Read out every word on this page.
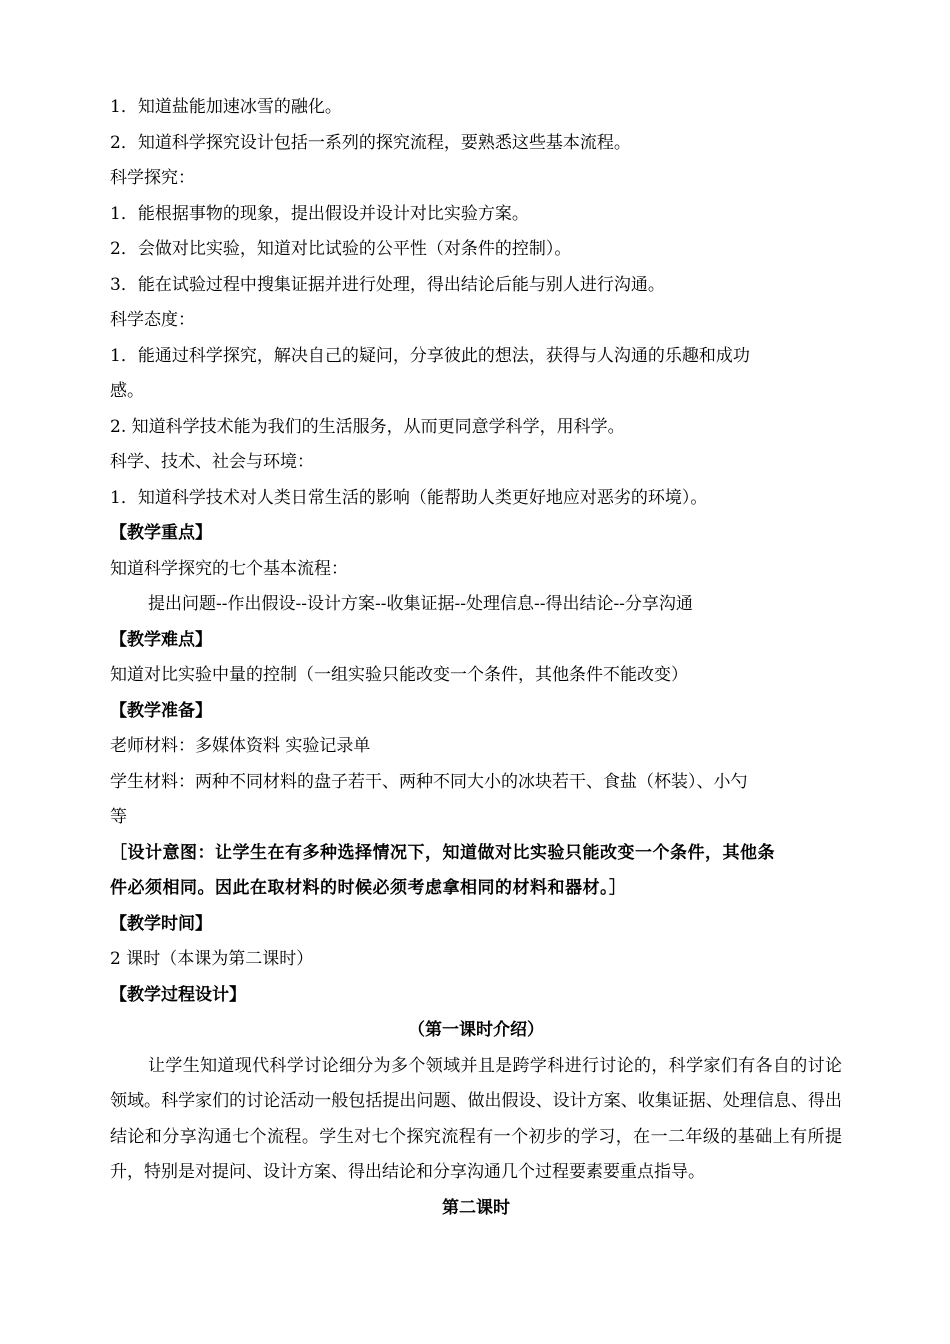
1．知道盐能加速冰雪的融化。
2．知道科学探究设计包括一系列的探究流程，要熟悉这些基本流程。
科学探究：
1．能根据事物的现象，提出假设并设计对比实验方案。
2．会做对比实验，知道对比试验的公平性（对条件的控制）。
3．能在试验过程中搜集证据并进行处理，得出结论后能与别人进行沟通。
科学态度：
1．能通过科学探究，解决自己的疑问，分享彼此的想法，获得与人沟通的乐趣和成功
感。
2. 知道科学技术能为我们的生活服务，从而更同意学科学，用科学。
科学、技术、社会与环境：
1．知道科学技术对人类日常生活的影响（能帮助人类更好地应对恶劣的环境）。
【教学重点】
知道科学探究的七个基本流程：
提出问题--作出假设--设计方案--收集证据--处理信息--得出结论--分享沟通
【教学难点】
知道对比实验中量的控制（一组实验只能改变一个条件，其他条件不能改变）
【教学准备】
老师材料：多媒体资料 实验记录单
学生材料：两种不同材料的盘子若干、两种不同大小的冰块若干、食盐（杯装）、小勺
等
［设计意图：让学生在有多种选择情况下，知道做对比实验只能改变一个条件，其他条
件必须相同。因此在取材料的时候必须考虑拿相同的材料和器材。］
【教学时间】
2 课时（本课为第二课时）
【教学过程设计】
（第一课时介绍）
让学生知道现代科学讨论细分为多个领域并且是跨学科进行讨论的，科学家们有各自的讨论领域。科学家们的讨论活动一般包括提出问题、做出假设、设计方案、收集证据、处理信息、得出结论和分享沟通七个流程。学生对七个探究流程有一个初步的学习，在一二年级的基础上有所提升，特别是对提问、设计方案、得出结论和分享沟通几个过程要素要重点指导。
第二课时
